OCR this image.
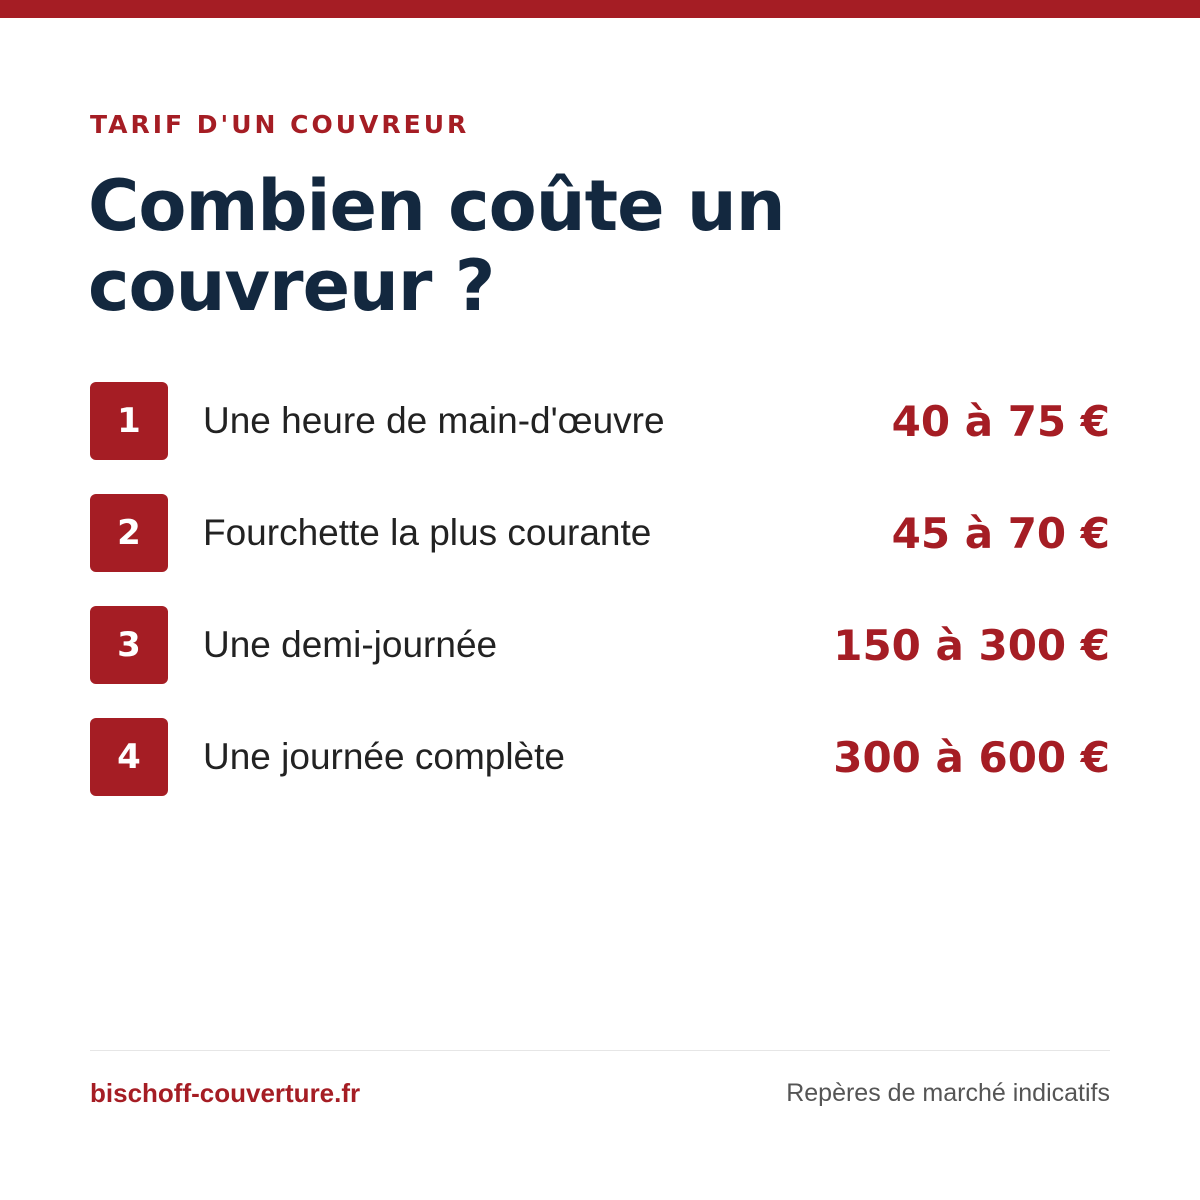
TARIF D'UN COUVREUR
Combien coûte un couvreur ?
1	Une heure de main-d'œuvre	40 à 75 €
2	Fourchette la plus courante	45 à 70 €
3	Une demi-journée	150 à 300 €
4	Une journée complète	300 à 600 €
bischoff-couverture.fr	Repères de marché indicatifs
